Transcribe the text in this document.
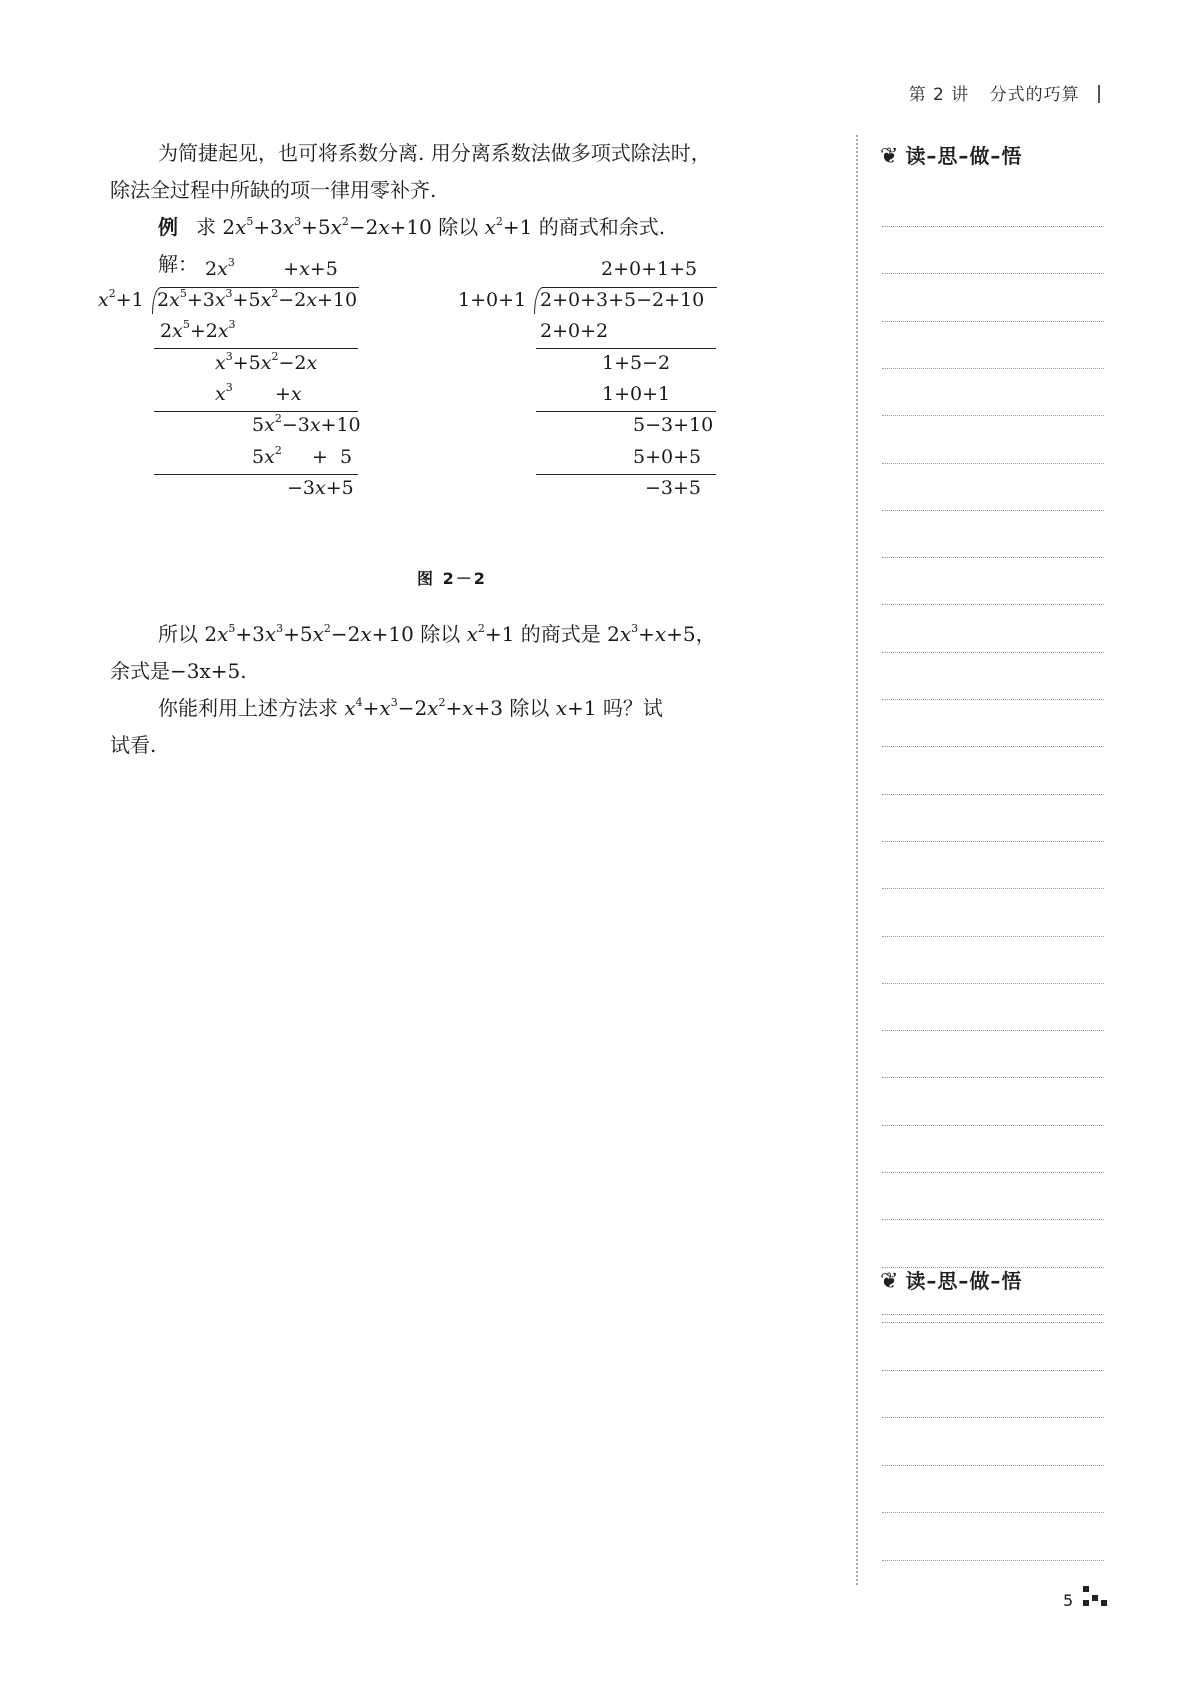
第 2 讲 分式的巧算

为简捷起见，也可将系数分离. 用分离系数法做多项式除法时，

除法全过程中所缺的项一律用零补齐.

例 求 $2x^5+3x^3+5x^2-2x+10$ 除以 $x^2+1$ 的商式和余式.

解： $2x^3$        +x+5
$x^2+1$ $2x^5+3x^3+5x^2-2x+10$
$2x^5+2x^3$
$x^3+5x^2-2x$
$x^3$       +x
$5x^2-3x+10$
$5x^2$     +  5
−3x+5
2+0+1+5
1+0+1 2+0+3+5−2+10
2+0+2
1+5−2
1+0+1
5−3+10
5+0+5
−3+5
图 2－2

所以 $2x^5+3x^3+5x^2-2x+10$ 除以 $x^2+1$ 的商式是 $2x^3+x+5$，

余式是−3x+5.

你能利用上述方法求 $x^4+x^3-2x^2+x+3$ 除以 x+1 吗？试

试看.

❦ 读–思–做–悟
❦ 读–思–做–悟
5
